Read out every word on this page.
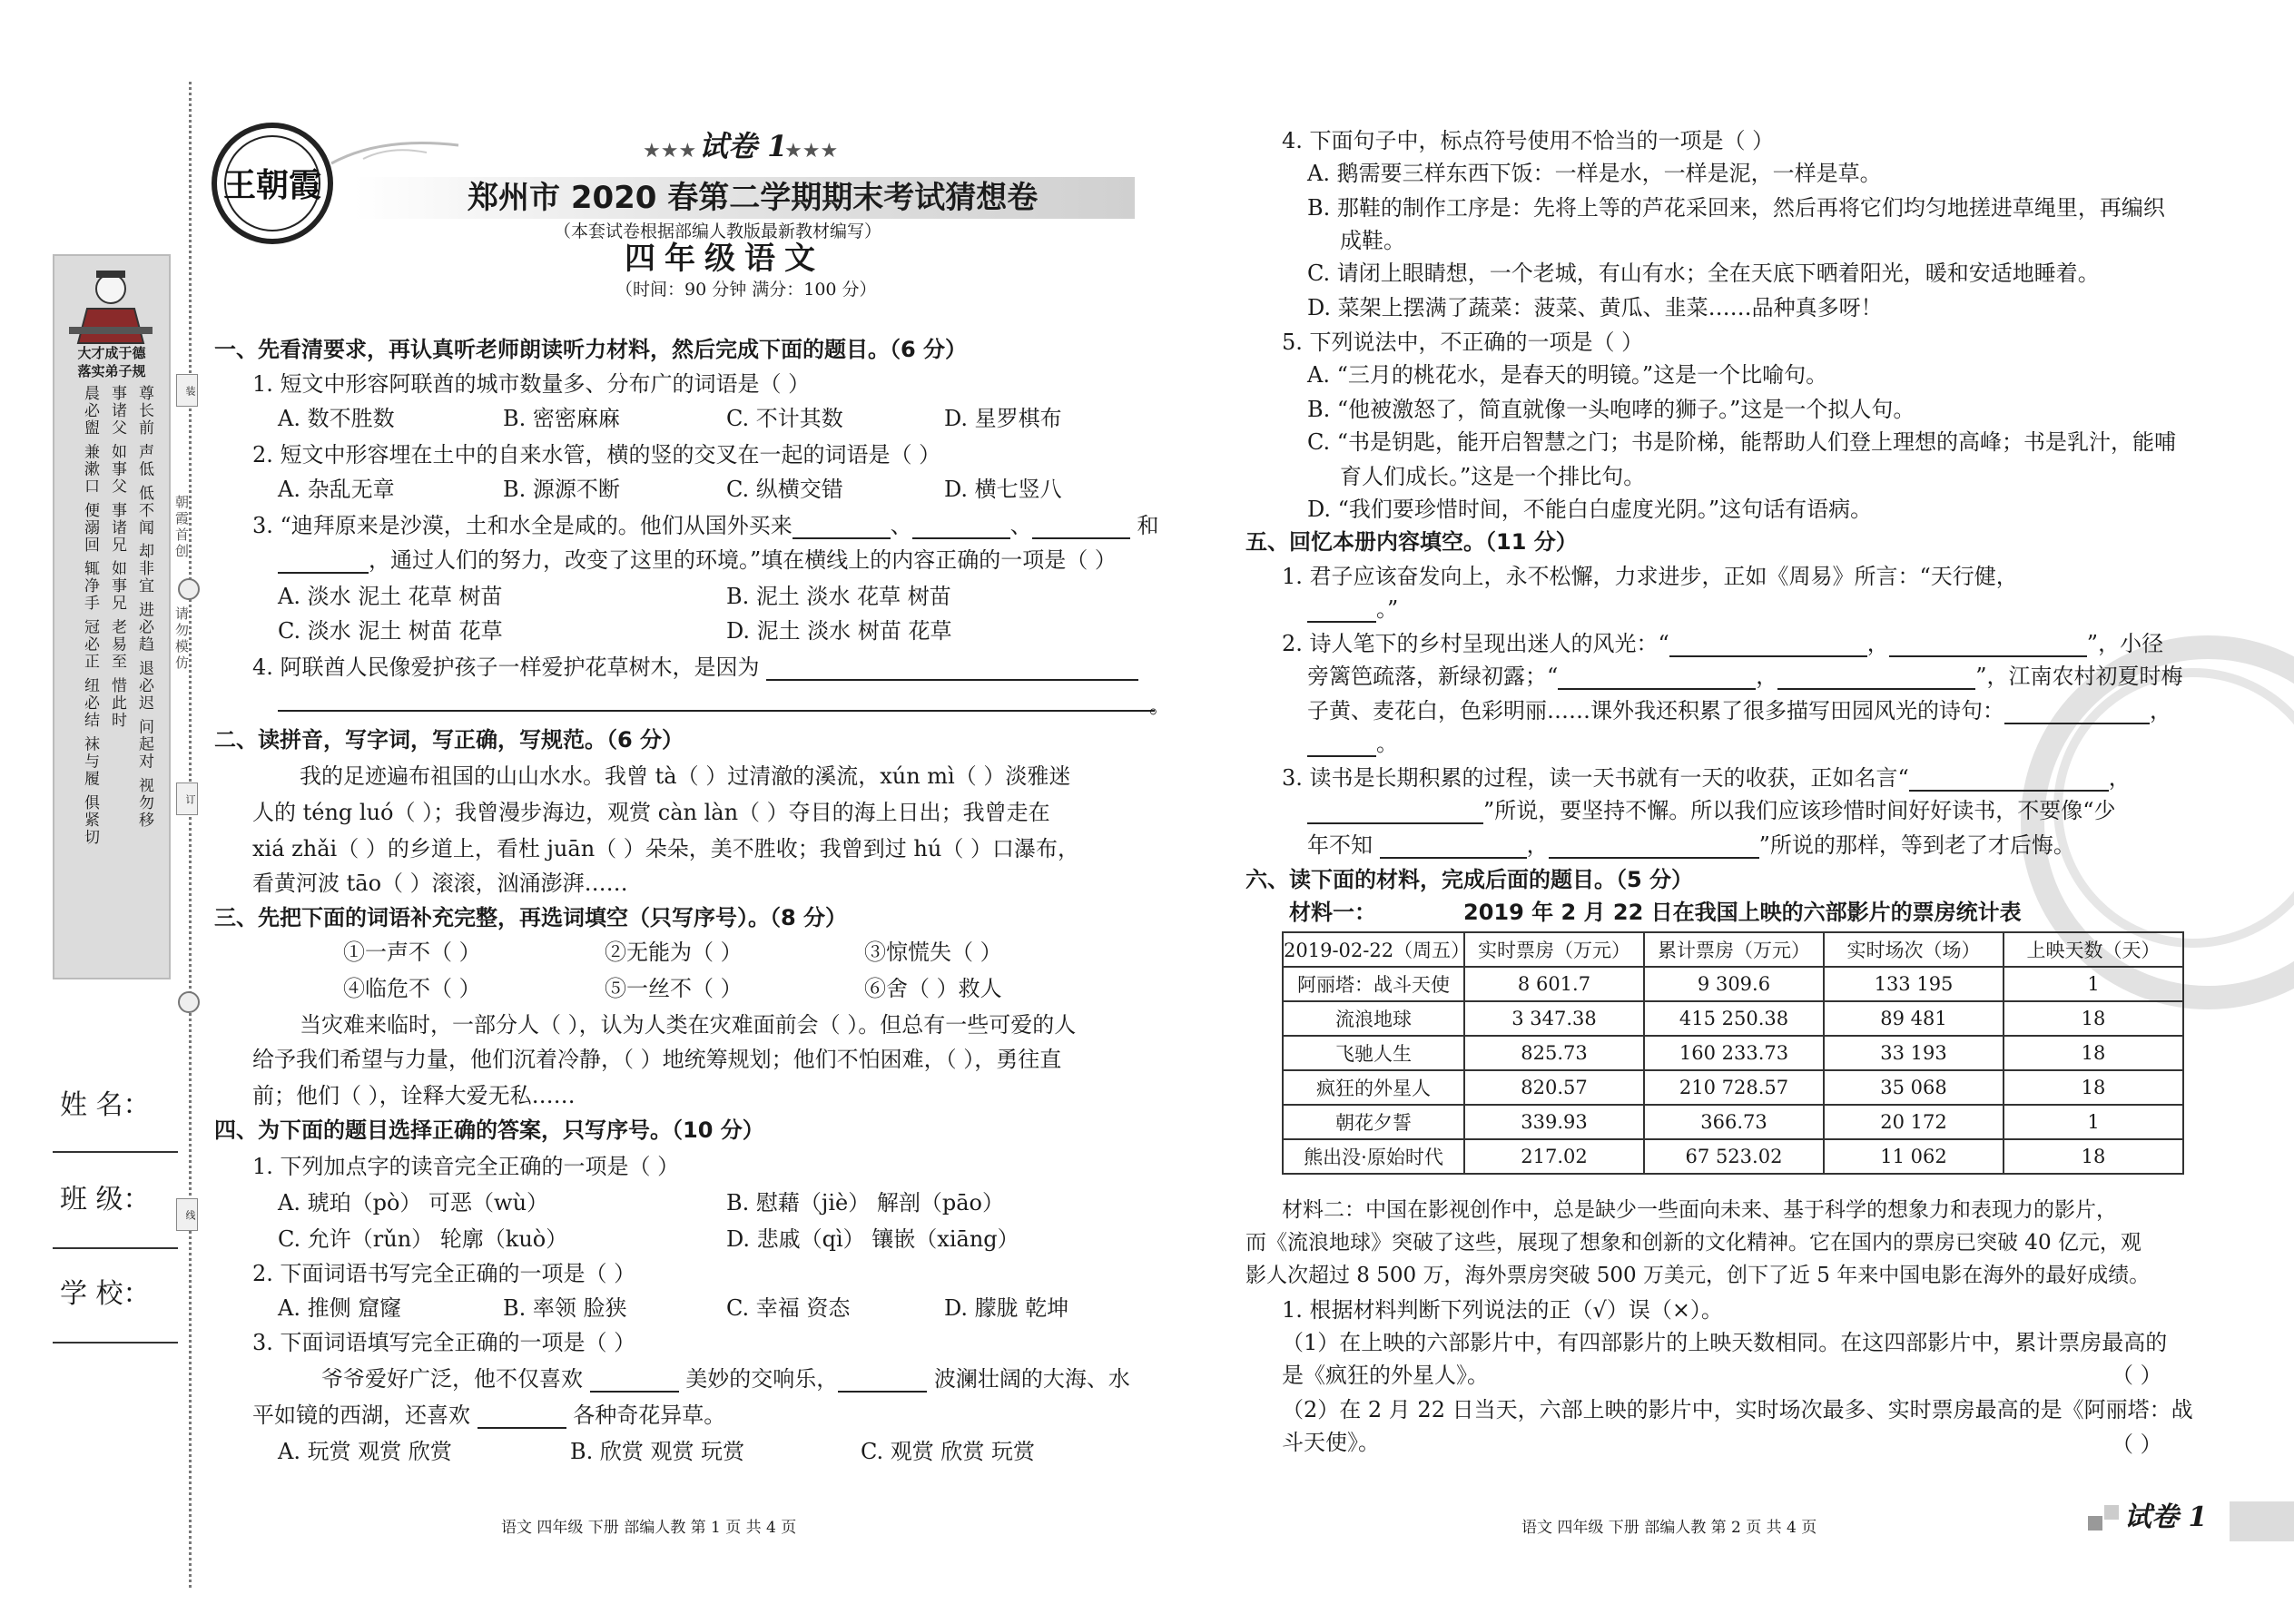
大才成于德
落实弟子规
尊长前 声低 低不闻 却非宜 进必趋 退必迟 问起对 视勿移
事诸父 如事父 事诸兄 如事兄 老易至 惜此时
晨必盥 兼漱口 便溺回 辄净手 冠必正 纽必结 袜与履 俱紧切	装
朝霞首创
请勿模仿
订
线
姓 名：
班 级：
学 校：
王朝霞
★★★ 试卷 1
★★★
郑州市 2020 春第二学期期末考试猜想卷
（本套试卷根据部编人教版最新教材编写）
四年级语文
（时间：90 分钟 满分：100 分）
一、先看清要求，再认真听老师朗读听力材料，然后完成下面的题目。（6 分）
1. 短文中形容阿联酋的城市数量多、分布广的词语是（ ）
A. 数不胜数	B. 密密麻麻	C. 不计其数	D. 星罗棋布
2. 短文中形容埋在土中的自来水管，横的竖的交叉在一起的词语是（ ）
A. 杂乱无章	B. 源源不断	C. 纵横交错	D. 横七竖八
3. “迪拜原来是沙漠，土和水全是咸的。他们从国外买来	、	、	和
，通过人们的努力，改变了这里的环境。”填在横线上的内容正确的一项是（ ）
A. 淡水 泥土 花草 树苗	B. 泥土 淡水 花草 树苗
C. 淡水 泥土 树苗 花草	D. 泥土 淡水 树苗 花草
4. 阿联酋人民像爱护孩子一样爱护花草树木，是因为
。
二、读拼音，写字词，写正确，写规范。（6 分）
我的足迹遍布祖国的山山水水。我曾 tà（ ）过清澈的溪流，xún mì（ ）淡雅迷
人的 téng luó（ ）；我曾漫步海边，观赏 càn làn（ ）夺目的海上日出；我曾走在
xiá zhǎi（ ）的乡道上，看杜 juān（ ）朵朵，美不胜收；我曾到过 hú（ ）口瀑布，
看黄河波 tāo（ ）滚滚，汹涌澎湃……
三、先把下面的词语补充完整，再选词填空（只写序号）。（8 分）
①一声不（ ）	②无能为（ ）	③惊慌失（ ）
④临危不（ ）	⑤一丝不（ ）	⑥舍（ ）救人
当灾难来临时，一部分人（ ），认为人类在灾难面前会（ ）。但总有一些可爱的人
给予我们希望与力量，他们沉着冷静，（ ）地统筹规划；他们不怕困难，（ ），勇往直
前；他们（ ），诠释大爱无私……
四、为下面的题目选择正确的答案，只写序号。（10 分）
1. 下列加点字的读音完全正确的一项是（ ）
A. 琥珀（pò） 可恶（wù）	B. 慰藉（jiè） 解剖（pāo）
C. 允许（rǔn） 轮廓（kuò）	D. 悲戚（qì） 镶嵌（xiāng）
2. 下面词语书写完全正确的一项是（ ）
A. 推侧 窟窿	B. 率领 脸狭	C. 幸福 资态	D. 朦胧 乾坤
3. 下面词语填写完全正确的一项是（ ）
爷爷爱好广泛，他不仅喜欢	美妙的交响乐，	波澜壮阔的大海、水
平如镜的西湖，还喜欢	各种奇花异草。
A. 玩赏 观赏 欣赏	B. 欣赏 观赏 玩赏	C. 观赏 欣赏 玩赏
语文 四年级 下册 部编人教 第 1 页 共 4 页
4. 下面句子中，标点符号使用不恰当的一项是（ ）
A. 鹅需要三样东西下饭：一样是水，一样是泥，一样是草。
B. 那鞋的制作工序是：先将上等的芦花采回来，然后再将它们均匀地搓进草绳里，再编织
成鞋。
C. 请闭上眼睛想，一个老城，有山有水；全在天底下晒着阳光，暖和安适地睡着。
D. 菜架上摆满了蔬菜：菠菜、黄瓜、韭菜……品种真多呀！
5. 下列说法中，不正确的一项是（ ）
A. “三月的桃花水，是春天的明镜。”这是一个比喻句。
B. “他被激怒了，简直就像一头咆哮的狮子。”这是一个拟人句。
C. “书是钥匙，能开启智慧之门；书是阶梯，能帮助人们登上理想的高峰；书是乳汁，能哺
育人们成长。”这是一个排比句。
D. “我们要珍惜时间，不能白白虚度光阴。”这句话有语病。
五、回忆本册内容填空。（11 分）
1. 君子应该奋发向上，永不松懈，力求进步，正如《周易》所言：“天行健，
。”
2. 诗人笔下的乡村呈现出迷人的风光：“	，	”，小径
旁篱笆疏落，新绿初露；“	，	”，江南农村初夏时梅
子黄、麦花白，色彩明丽……课外我还积累了很多描写田园风光的诗句：	，
。
3. 读书是长期积累的过程，读一天书就有一天的收获，正如名言“	，
”所说，要坚持不懈。所以我们应该珍惜时间好好读书，不要像“少
年不知	，	”所说的那样，等到老了才后悔。
六、读下面的材料，完成后面的题目。（5 分）
材料一：	2019 年 2 月 22 日在我国上映的六部影片的票房统计表
2019-02-22（周五）	实时票房（万元）	累计票房（万元）	实时场次（场）	上映天数（天）
阿丽塔：战斗天使	8 601.7	9 309.6	133 195	1
流浪地球	3 347.38	415 250.38	89 481	18
飞驰人生	825.73	160 233.73	33 193	18
疯狂的外星人	820.57	210 728.57	35 068	18
朝花夕誓	339.93	366.73	20 172	1
熊出没·原始时代	217.02	67 523.02	11 062	18
材料二：中国在影视创作中，总是缺少一些面向未来、基于科学的想象力和表现力的影片，
而《流浪地球》突破了这些，展现了想象和创新的文化精神。它在国内的票房已突破 40 亿元，观
影人次超过 8 500 万，海外票房突破 500 万美元，创下了近 5 年来中国电影在海外的最好成绩。
1. 根据材料判断下列说法的正（√）误（×）。
（1）在上映的六部影片中，有四部影片的上映天数相同。在这四部影片中，累计票房最高的
是《疯狂的外星人》。	（ ）
（2）在 2 月 22 日当天，六部上映的影片中，实时场次最多、实时票房最高的是《阿丽塔：战
斗天使》。	（ ）
语文 四年级 下册 部编人教 第 2 页 共 4 页	试卷 1
